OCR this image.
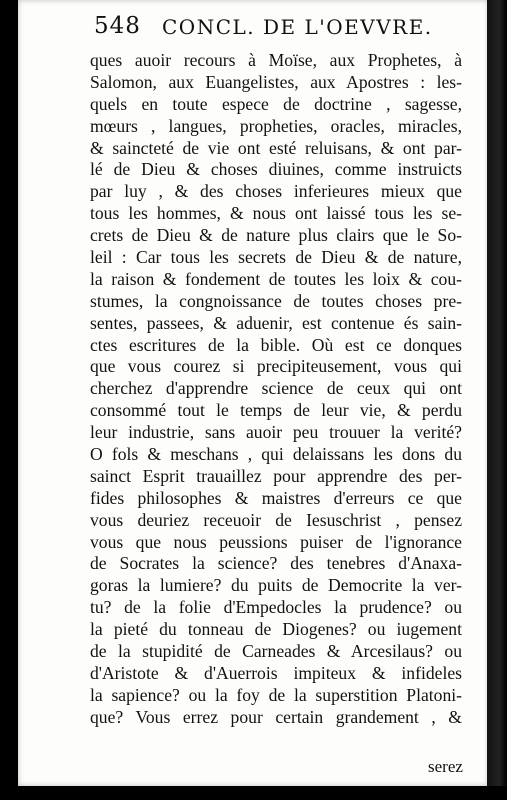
548 CONCL. DE L'OEVVRE.
ques auoir recours à Moïse, aux Prophetes, à
Salomon, aux Euangelistes, aux Apostres : les-
quels en toute espece de doctrine , sagesse,
mœurs , langues, propheties, oracles, miracles,
& saincteté de vie ont esté reluisans, & ont par-
lé de Dieu & choses diuines, comme instruicts
par luy , & des choses inferieures mieux que
tous les hommes, & nous ont laissé tous les se-
crets de Dieu & de nature plus clairs que le So-
leil : Car tous les secrets de Dieu & de nature,
la raison & fondement de toutes les loix & cou-
stumes, la congnoissance de toutes choses pre-
sentes, passees, & aduenir, est contenue és sain-
ctes escritures de la bible. Où est ce donques
que vous courez si precipiteusement, vous qui
cherchez d'apprendre science de ceux qui ont
consommé tout le temps de leur vie, & perdu
leur industrie, sans auoir peu trouuer la verité?
O fols & meschans , qui delaissans les dons du
sainct Esprit trauaillez pour apprendre des per-
fides philosophes & maistres d'erreurs ce que
vous deuriez receuoir de Iesuschrist , pensez
vous que nous peussions puiser de l'ignorance
de Socrates la science? des tenebres d'Anaxa-
goras la lumiere? du puits de Democrite la ver-
tu? de la folie d'Empedocles la prudence? ou
la pieté du tonneau de Diogenes? ou iugement
de la stupidité de Carneades & Arcesilaus? ou
d'Aristote & d'Auerrois impiteux & infideles
la sapience? ou la foy de la superstition Platoni-
que? Vous errez pour certain grandement , &
serez
